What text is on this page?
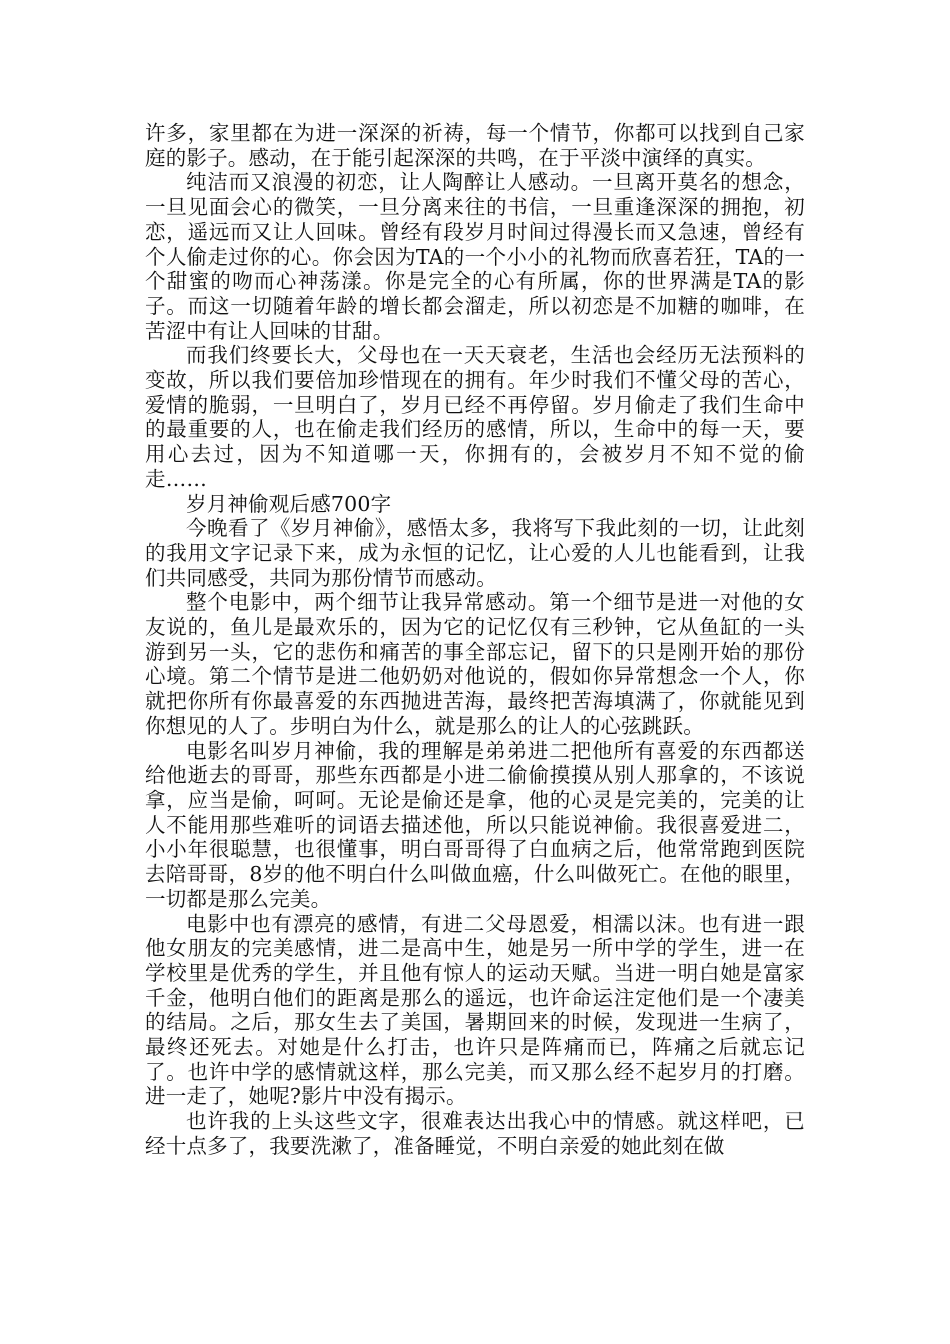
许多，家里都在为进一深深的祈祷，每一个情节，你都可以找到自己家庭的影子。感动，在于能引起深深的共鸣，在于平淡中演绎的真实。

纯洁而又浪漫的初恋，让人陶醉让人感动。一旦离开莫名的想念，一旦见面会心的微笑，一旦分离来往的书信，一旦重逢深深的拥抱，初恋，遥远而又让人回味。曾经有段岁月时间过得漫长而又急速，曾经有个人偷走过你的心。你会因为TA的一个小小的礼物而欣喜若狂，TA的一个甜蜜的吻而心神荡漾。你是完全的心有所属，你的世界满是TA的影子。而这一切随着年龄的增长都会溜走，所以初恋是不加糖的咖啡，在苦涩中有让人回味的甘甜。

而我们终要长大，父母也在一天天衰老，生活也会经历无法预料的变故，所以我们要倍加珍惜现在的拥有。年少时我们不懂父母的苦心，爱情的脆弱，一旦明白了，岁月已经不再停留。岁月偷走了我们生命中的最重要的人，也在偷走我们经历的感情，所以，生命中的每一天，要用心去过，因为不知道哪一天，你拥有的，会被岁月不知不觉的偷走……

岁月神偷观后感700字

今晚看了《岁月神偷》，感悟太多，我将写下我此刻的一切，让此刻的我用文字记录下来，成为永恒的记忆，让心爱的人儿也能看到，让我们共同感受，共同为那份情节而感动。

整个电影中，两个细节让我异常感动。第一个细节是进一对他的女友说的，鱼儿是最欢乐的，因为它的记忆仅有三秒钟，它从鱼缸的一头游到另一头，它的悲伤和痛苦的事全部忘记，留下的只是刚开始的那份心境。第二个情节是进二他奶奶对他说的，假如你异常想念一个人，你就把你所有你最喜爱的东西抛进苦海，最终把苦海填满了，你就能见到你想见的人了。步明白为什么，就是那么的让人的心弦跳跃。

电影名叫岁月神偷，我的理解是弟弟进二把他所有喜爱的东西都送给他逝去的哥哥，那些东西都是小进二偷偷摸摸从别人那拿的，不该说拿，应当是偷，呵呵。无论是偷还是拿，他的心灵是完美的，完美的让人不能用那些难听的词语去描述他，所以只能说神偷。我很喜爱进二，小小年很聪慧，也很懂事，明白哥哥得了白血病之后，他常常跑到医院去陪哥哥，8岁的他不明白什么叫做血癌，什么叫做死亡。在他的眼里，一切都是那么完美。

电影中也有漂亮的感情，有进二父母恩爱，相濡以沫。也有进一跟他女朋友的完美感情，进二是高中生，她是另一所中学的学生，进一在学校里是优秀的学生，并且他有惊人的运动天赋。当进一明白她是富家千金，他明白他们的距离是那么的遥远，也许命运注定他们是一个凄美的结局。之后，那女生去了美国，暑期回来的时候，发现进一生病了，最终还死去。对她是什么打击，也许只是阵痛而已，阵痛之后就忘记了。也许中学的感情就这样，那么完美，而又那么经不起岁月的打磨。进一走了，她呢?影片中没有揭示。

也许我的上头这些文字，很难表达出我心中的情感。就这样吧，已经十点多了，我要洗漱了，准备睡觉，不明白亲爱的她此刻在做
